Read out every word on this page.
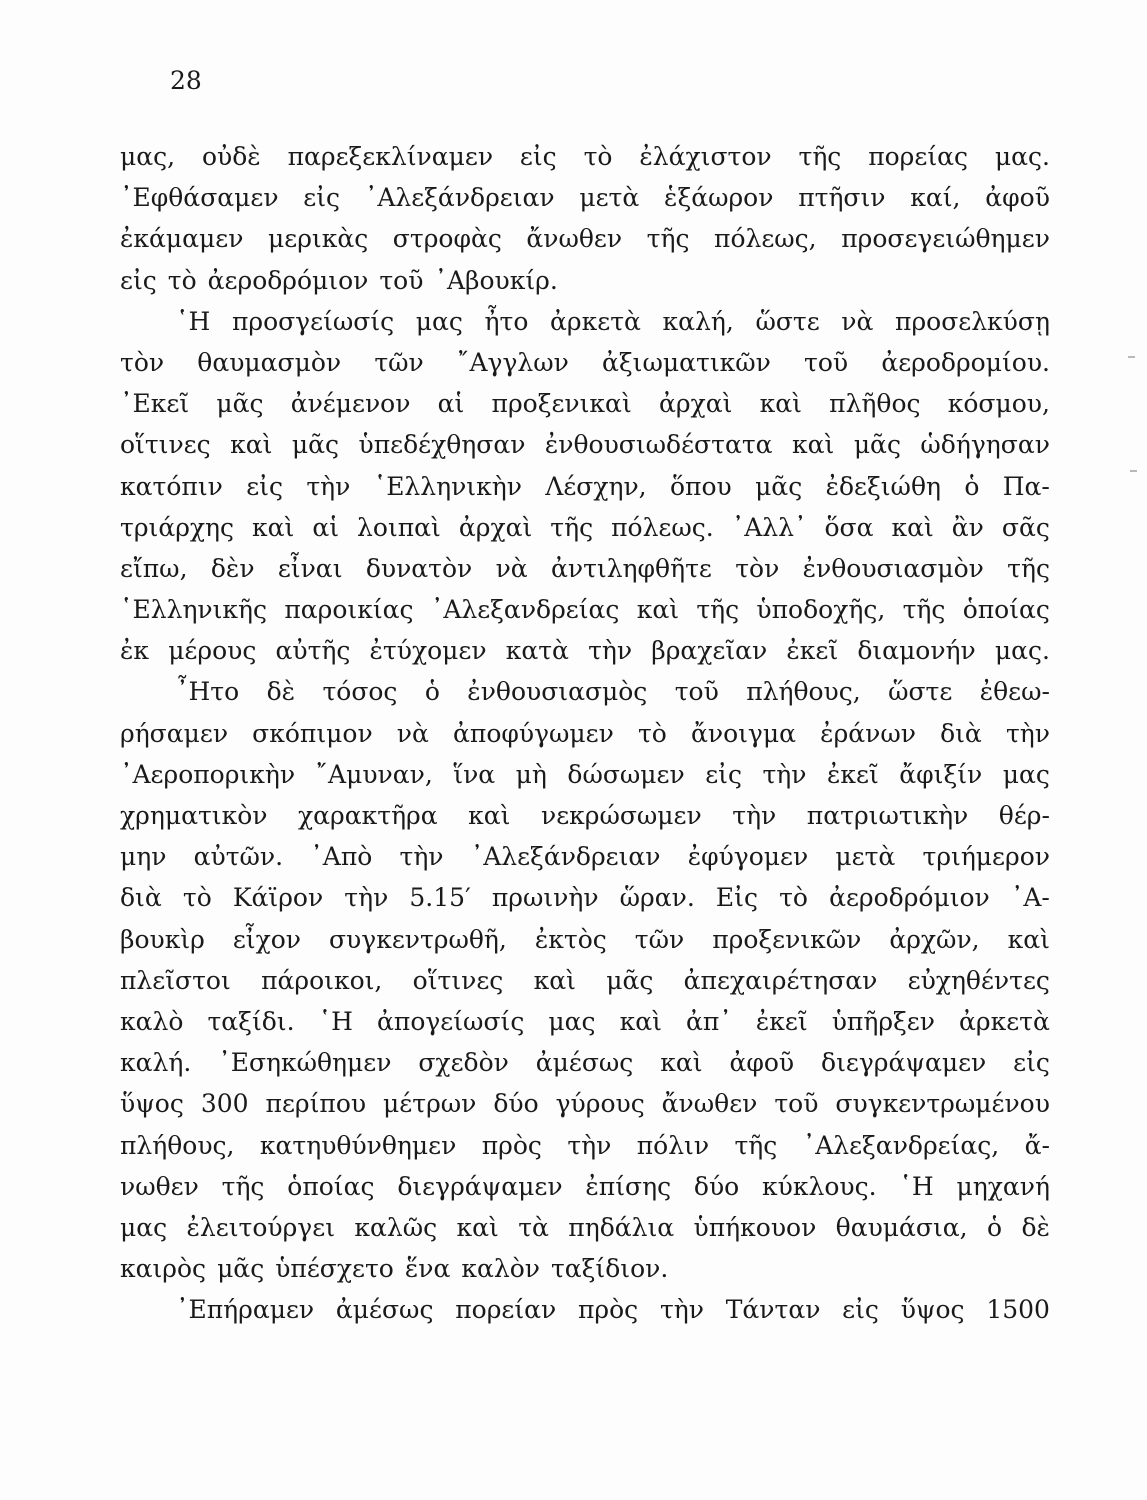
28
μας, οὐδὲ παρεξεκλίναμεν εἰς τὸ ἐλάχιστον τῆς πορείας μας.
᾿Εφθάσαμεν εἰς ᾿Αλεξάνδρειαν μετὰ ἑξάωρον πτῆσιν καί, ἀφοῦ
ἐκάμαμεν μερικὰς στροφὰς ἄνωθεν τῆς πόλεως, προσεγειώθημεν
εἰς τὸ ἀεροδρόμιον τοῦ ᾿Αβουκίρ.
῾Η προσγείωσίς μας ἦτο ἀρκετὰ καλή, ὥστε νὰ προσελκύσῃ
τὸν θαυμασμὸν τῶν ῎Αγγλων ἀξιωματικῶν τοῦ ἀεροδρομίου.
᾿Εκεῖ μᾶς ἀνέμενον αἱ προξενικαὶ ἀρχαὶ καὶ πλῆθος κόσμου,
οἵτινες καὶ μᾶς ὑπεδέχθησαν ἐνθουσιωδέστατα καὶ μᾶς ὡδήγησαν
κατόπιν εἰς τὴν ῾Ελληνικὴν Λέσχην, ὅπου μᾶς ἐδεξιώθη ὁ Πα-
τριάρχης καὶ αἱ λοιπαὶ ἀρχαὶ τῆς πόλεως. ᾿Αλλ᾿ ὅσα καὶ ἂν σᾶς
εἴπω, δὲν εἶναι δυνατὸν νὰ ἀντιληφθῆτε τὸν ἐνθουσιασμὸν τῆς
῾Ελληνικῆς παροικίας ᾿Αλεξανδρείας καὶ τῆς ὑποδοχῆς, τῆς ὁποίας
ἐκ μέρους αὐτῆς ἐτύχομεν κατὰ τὴν βραχεῖαν ἐκεῖ διαμονήν μας.
῏Ητο δὲ τόσος ὁ ἐνθουσιασμὸς τοῦ πλήθους, ὥστε ἐθεω-
ρήσαμεν σκόπιμον νὰ ἀποφύγωμεν τὸ ἄνοιγμα ἐράνων διὰ τὴν
᾿Αεροπορικὴν ῎Αμυναν, ἵνα μὴ δώσωμεν εἰς τὴν ἐκεῖ ἄφιξίν μας
χρηματικὸν χαρακτῆρα καὶ νεκρώσωμεν τὴν πατριωτικὴν θέρ-
μην αὐτῶν. ᾿Απὸ τὴν ᾿Αλεξάνδρειαν ἐφύγομεν μετὰ τριήμερον
διὰ τὸ Κάϊρον τὴν 5.15′ πρωινὴν ὥραν. Εἰς τὸ ἀεροδρόμιον ᾿Α-
βουκὶρ εἶχον συγκεντρωθῆ, ἐκτὸς τῶν προξενικῶν ἀρχῶν, καὶ
πλεῖστοι πάροικοι, οἵτινες καὶ μᾶς ἀπεχαιρέτησαν εὐχηθέντες
καλὸ ταξίδι. ῾Η ἀπογείωσίς μας καὶ ἀπ᾿ ἐκεῖ ὑπῆρξεν ἀρκετὰ
καλή. ᾿Εσηκώθημεν σχεδὸν ἀμέσως καὶ ἀφοῦ διεγράψαμεν εἰς
ὕψος 300 περίπου μέτρων δύο γύρους ἄνωθεν τοῦ συγκεντρωμένου
πλήθους, κατηυθύνθημεν πρὸς τὴν πόλιν τῆς ᾿Αλεξανδρείας, ἄ-
νωθεν τῆς ὁποίας διεγράψαμεν ἐπίσης δύο κύκλους. ῾Η μηχανή
μας ἐλειτούργει καλῶς καὶ τὰ πηδάλια ὑπήκουον θαυμάσια, ὁ δὲ
καιρὸς μᾶς ὑπέσχετο ἕνα καλὸν ταξίδιον.
᾿Επήραμεν ἀμέσως πορείαν πρὸς τὴν Τάνταν εἰς ὕψος 1500
